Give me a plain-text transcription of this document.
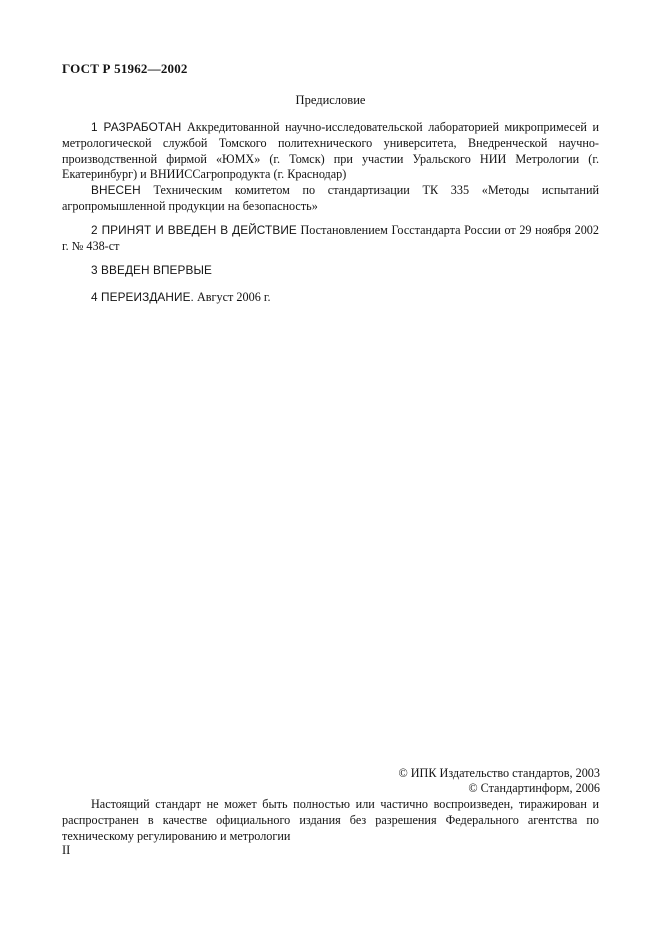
ГОСТ Р 51962—2002
Предисловие

1 РАЗРАБОТАН Аккредитованной научно-исследовательской лабораторией микропримесей и метрологической службой Томского политехнического университета, Внедренческой научно-производственной фирмой «ЮМХ» (г. Томск) при участии Уральского НИИ Метрологии (г. Екатеринбург) и ВНИИССагропродукта (г. Краснодар)

ВНЕСЕН Техническим комитетом по стандартизации ТК 335 «Методы испытаний агропромышленной продукции на безопасность»

2 ПРИНЯТ И ВВЕДЕН В ДЕЙСТВИЕ Постановлением Госстандарта России от 29 ноября 2002 г. № 438-ст

3 ВВЕДЕН ВПЕРВЫЕ

4 ПЕРЕИЗДАНИЕ. Август 2006 г.

© ИПК Издательство стандартов, 2003
© Стандартинформ, 2006

Настоящий стандарт не может быть полностью или частично воспроизведен, тиражирован и распространен в качестве официального издания без разрешения Федерального агентства по техническому регулированию и метрологии

II
